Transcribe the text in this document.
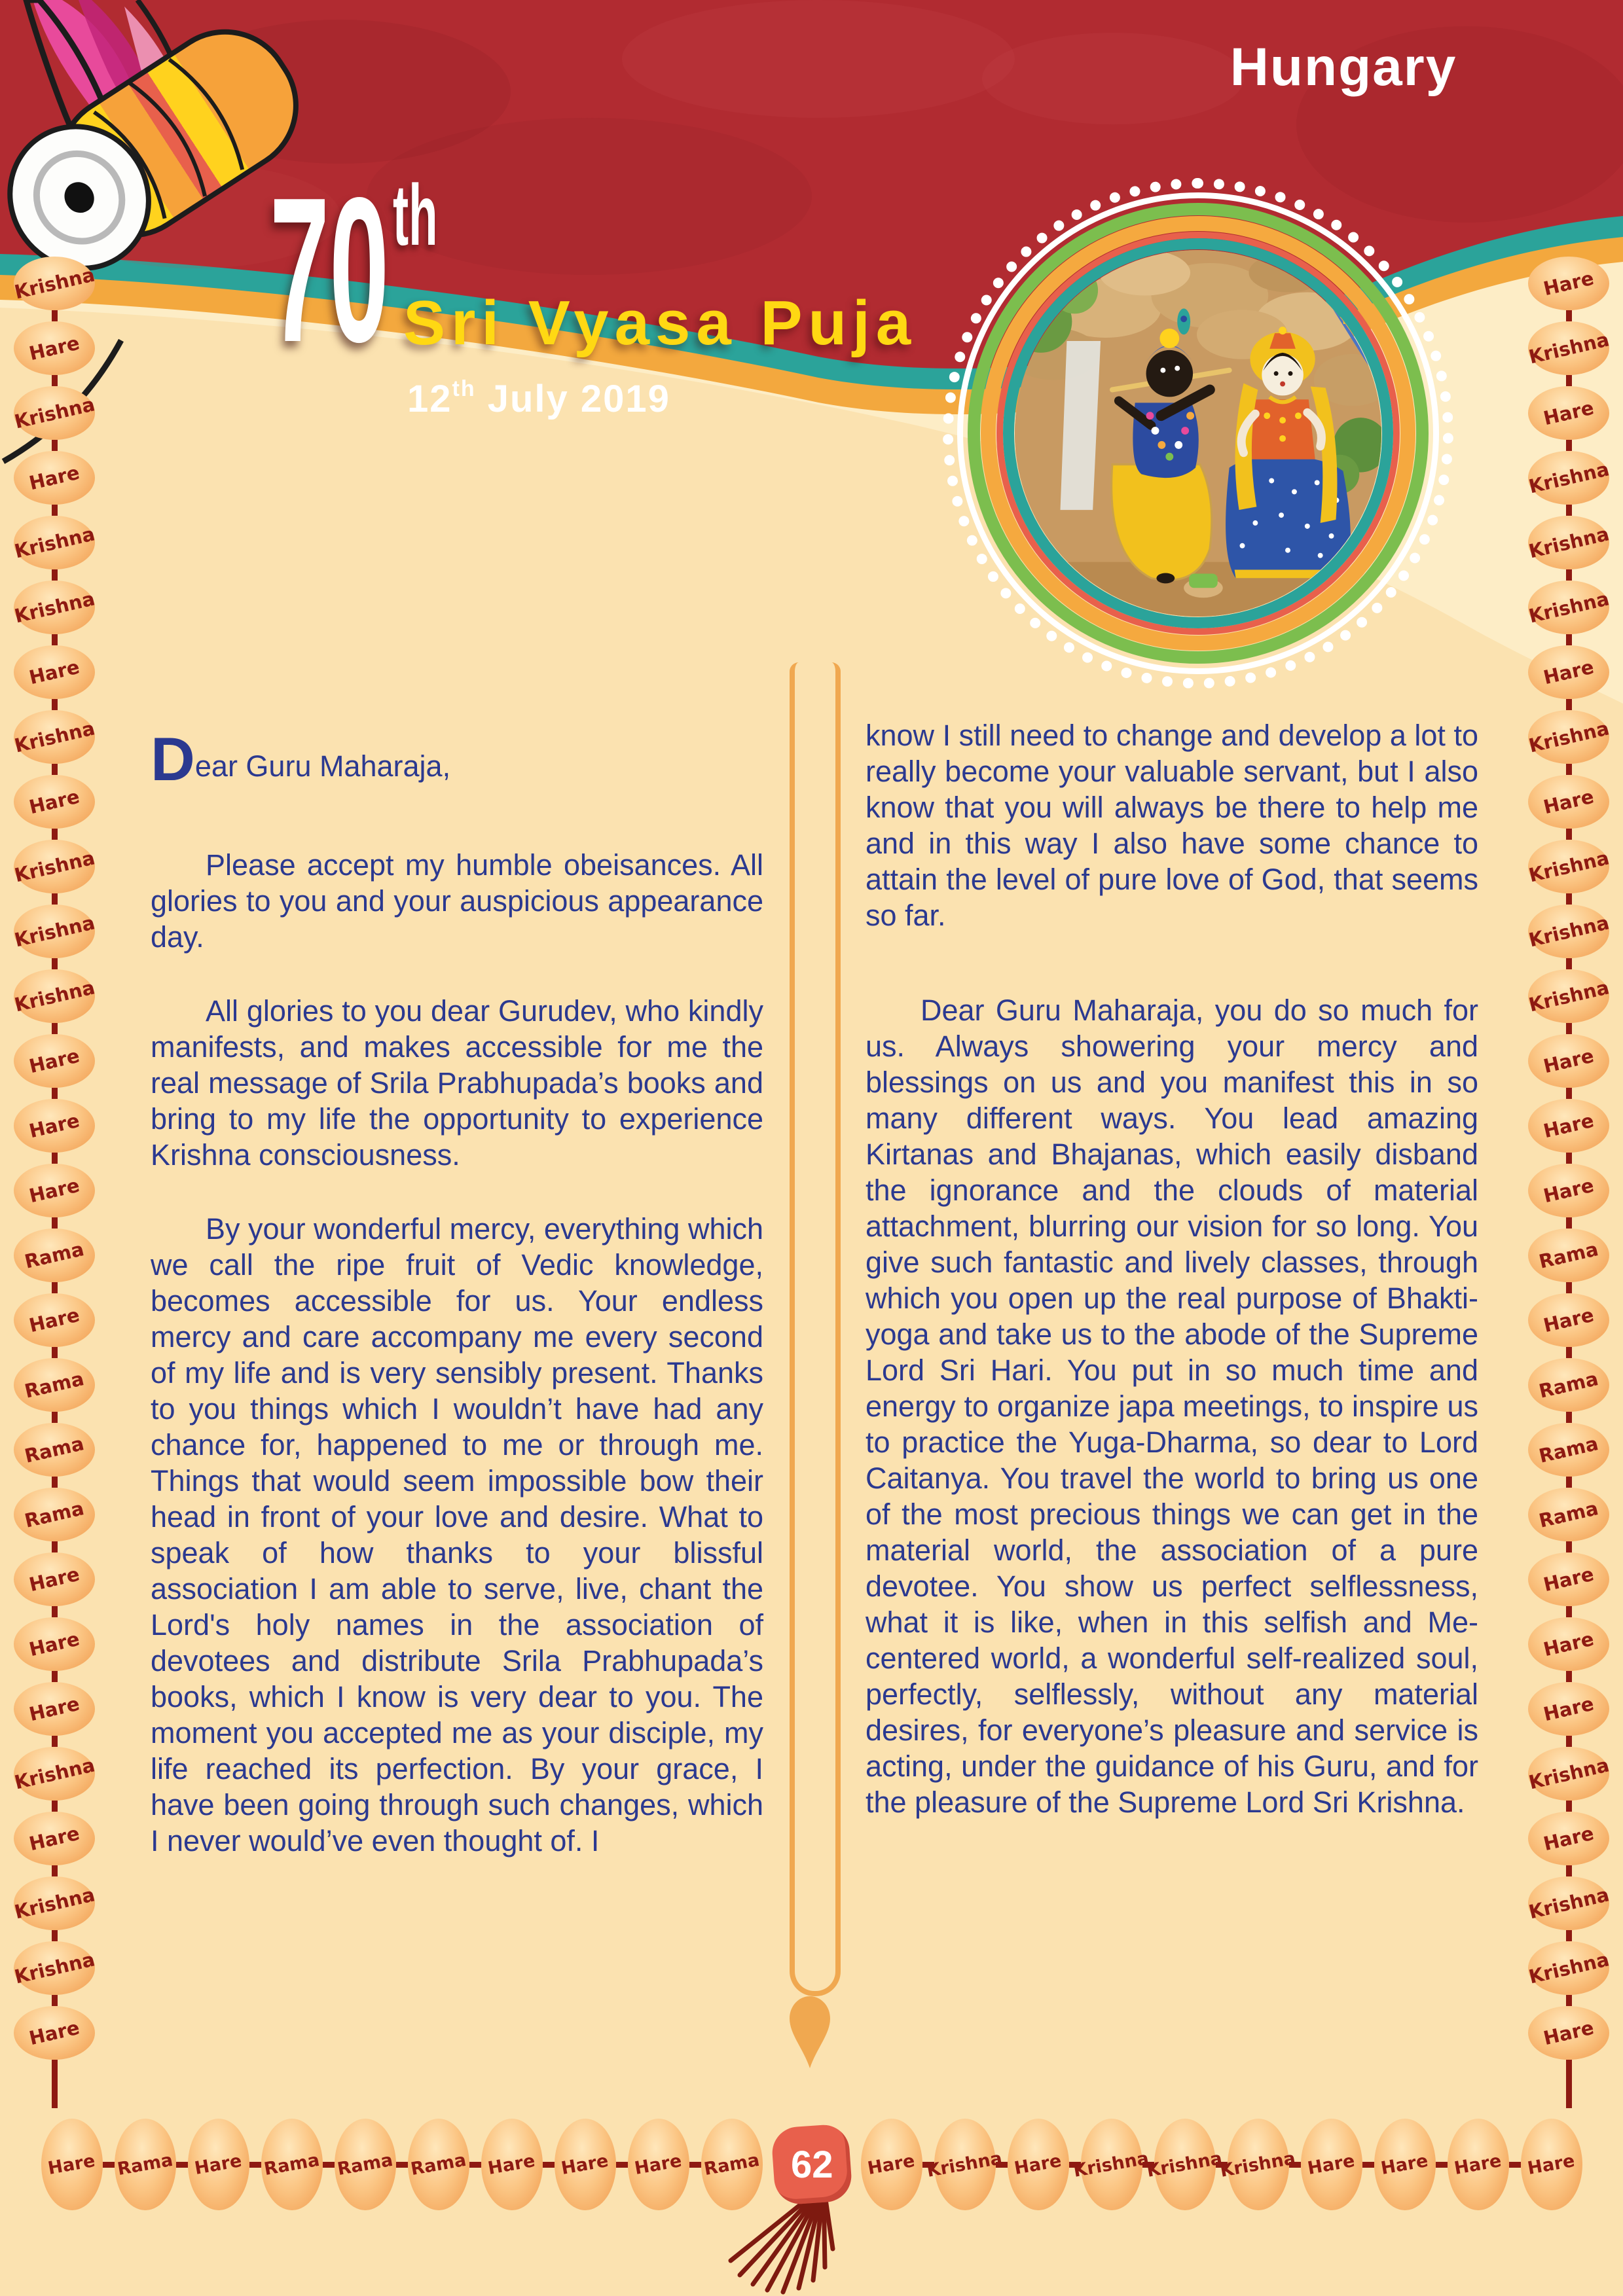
Hungary
70 th
Sri Vyasa Puja
12th July 2019

Dear Guru Maharaja,

Please accept my humble obeisances. All glories to you and your auspicious appearance day.

All glories to you dear Gurudev, who kindly manifests, and makes accessible for me the real message of Srila Prabhupada’s books and bring to my life the opportunity to experience Krishna consciousness.

By your wonderful mercy, everything which we call the ripe fruit of Vedic knowledge, becomes accessible for us. Your endless mercy and care accompany me every second of my life and is very sensibly present. Thanks to you things which I wouldn’t have had any chance for, happened to me or through me. Things that would seem impossible bow their head in front of your love and desire. What to speak of how thanks to your blissful association I am able to serve, live, chant the Lord's holy names in the association of devotees and distribute Srila Prabhupada’s books, which I know is very dear to you. The moment you accepted me as your disciple, my life reached its perfection. By your grace, I have been going through such changes, which I never would’ve even thought of. I

know I still need to change and develop a lot to really become your valuable servant, but I also know that you will always be there to help me and in this way I also have some chance to attain the level of pure love of God, that seems so far.

Dear Guru Maharaja, you do so much for us. Always showering your mercy and blessings on us and you manifest this in so many different ways. You lead amazing Kirtanas and Bhajanas, which easily disband the ignorance and the clouds of material attachment, blurring our vision for so long. You give such fantastic and lively classes, through which you open up the real purpose of Bhakti-yoga and take us to the abode of the Supreme Lord Sri Hari. You put in so much time and energy to organize japa meetings, to inspire us to practice the Yuga-Dharma, so dear to Lord Caitanya. You travel the world to bring us one of the most precious things we can get in the material world, the association of a pure devotee. You show us perfect selflessness, what it is like, when in this selfish and Me-centered world, a wonderful self-realized soul, perfectly, selflessly, without any material desires, for everyone’s pleasure and service is acting, under the guidance of his Guru, and for the pleasure of the Supreme Lord Sri Krishna.

Krishna
Hare
Krishna
Hare
Krishna
Krishna
Hare
Krishna
Hare
Krishna
Krishna
Krishna
Hare
Hare
Hare
Rama
Hare
Rama
Rama
Rama
Hare
Hare
Hare
Krishna
Hare
Krishna
Krishna
Hare
Hare
Krishna
Hare
Krishna
Krishna
Krishna
Hare
Krishna
Hare
Krishna
Krishna
Krishna
Hare
Hare
Hare
Rama
Hare
Rama
Rama
Rama
Hare
Hare
Hare
Krishna
Hare
Krishna
Krishna
Hare
Hare Rama Hare Rama Rama Rama Hare Hare Hare Rama 62 Hare Krishna Hare Krishna
Krishna
Krishna Hare Hare Hare Hare
